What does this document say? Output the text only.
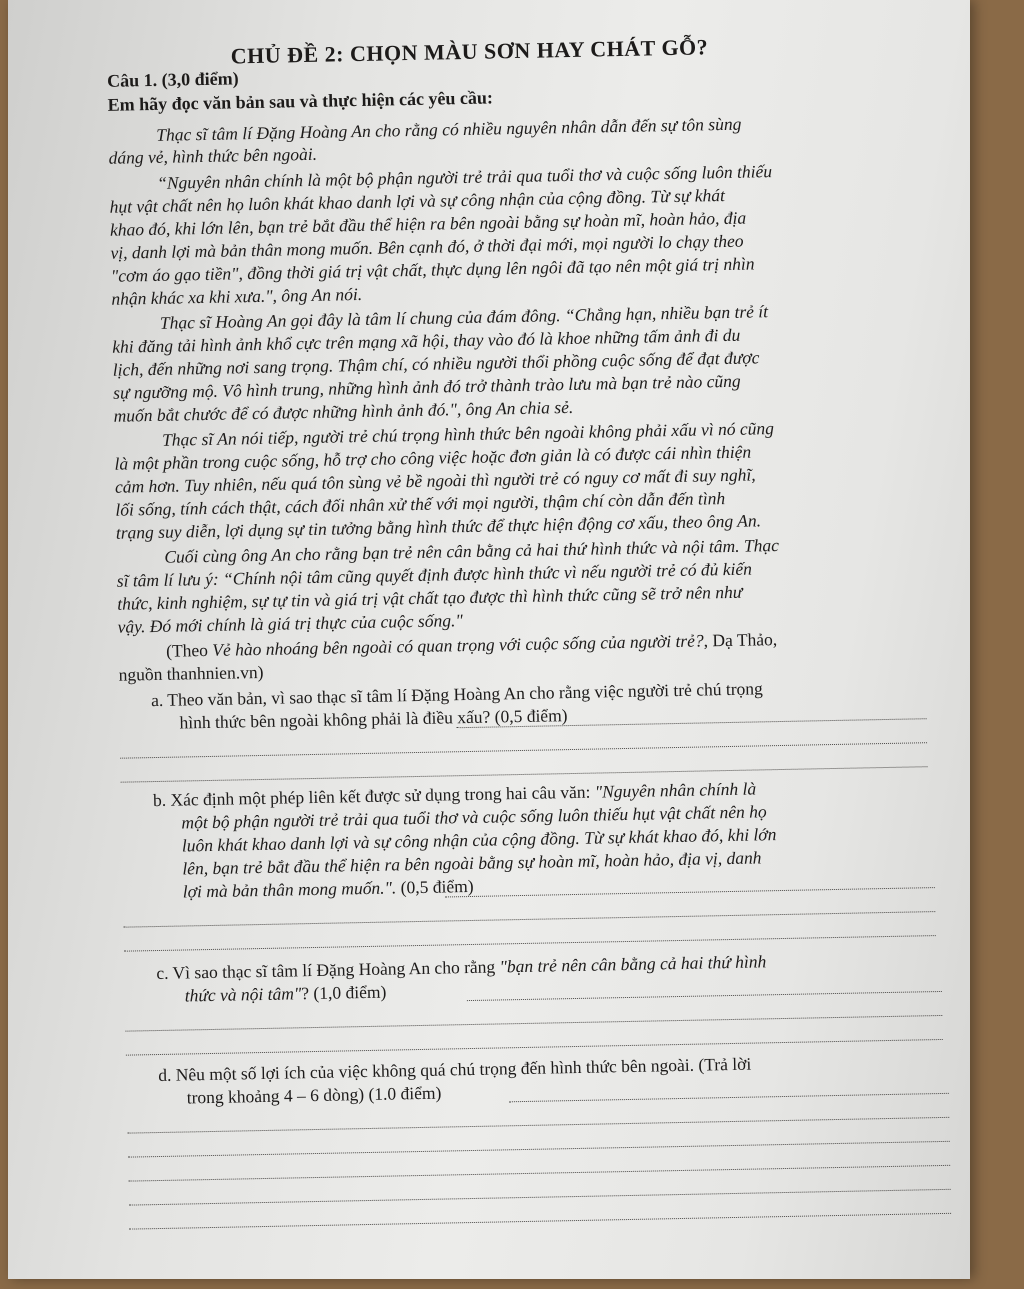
CHỦ ĐỀ 2: CHỌN MÀU SƠN HAY CHÁT GỖ?
Câu 1. (3,0 điểm)
Em hãy đọc văn bản sau và thực hiện các yêu cầu:
Thạc sĩ tâm lí Đặng Hoàng An cho rằng có nhiều nguyên nhân dẫn đến sự tôn sùng
dáng vẻ, hình thức bên ngoài.
“Nguyên nhân chính là một bộ phận người trẻ trải qua tuổi thơ và cuộc sống luôn thiếu
hụt vật chất nên họ luôn khát khao danh lợi và sự công nhận của cộng đồng. Từ sự khát
khao đó, khi lớn lên, bạn trẻ bắt đầu thể hiện ra bên ngoài bằng sự hoàn mĩ, hoàn hảo, địa
vị, danh lợi mà bản thân mong muốn. Bên cạnh đó, ở thời đại mới, mọi người lo chạy theo
"cơm áo gạo tiền", đồng thời giá trị vật chất, thực dụng lên ngôi đã tạo nên một giá trị nhìn
nhận khác xa khi xưa.", ông An nói.
Thạc sĩ Hoàng An gọi đây là tâm lí chung của đám đông. “Chẳng hạn, nhiều bạn trẻ ít
khi đăng tải hình ảnh khổ cực trên mạng xã hội, thay vào đó là khoe những tấm ảnh đi du
lịch, đến những nơi sang trọng. Thậm chí, có nhiều người thổi phồng cuộc sống để đạt được
sự ngưỡng mộ. Vô hình trung, những hình ảnh đó trở thành trào lưu mà bạn trẻ nào cũng
muốn bắt chước để có được những hình ảnh đó.", ông An chia sẻ.
Thạc sĩ An nói tiếp, người trẻ chú trọng hình thức bên ngoài không phải xấu vì nó cũng
là một phần trong cuộc sống, hỗ trợ cho công việc hoặc đơn giản là có được cái nhìn thiện
cảm hơn. Tuy nhiên, nếu quá tôn sùng vẻ bề ngoài thì người trẻ có nguy cơ mất đi suy nghĩ,
lối sống, tính cách thật, cách đối nhân xử thế với mọi người, thậm chí còn dẫn đến tình
trạng suy diễn, lợi dụng sự tin tưởng bằng hình thức để thực hiện động cơ xấu, theo ông An.
Cuối cùng ông An cho rằng bạn trẻ nên cân bằng cả hai thứ hình thức và nội tâm. Thạc
sĩ tâm lí lưu ý: “Chính nội tâm cũng quyết định được hình thức vì nếu người trẻ có đủ kiến
thức, kinh nghiệm, sự tự tin và giá trị vật chất tạo được thì hình thức cũng sẽ trở nên như
vậy. Đó mới chính là giá trị thực của cuộc sống."
(Theo Vẻ hào nhoáng bên ngoài có quan trọng với cuộc sống của người trẻ?, Dạ Thảo,
nguồn thanhnien.vn)
a. Theo văn bản, vì sao thạc sĩ tâm lí Đặng Hoàng An cho rằng việc người trẻ chú trọng
hình thức bên ngoài không phải là điều xấu? (0,5 điểm)
b. Xác định một phép liên kết được sử dụng trong hai câu văn: "Nguyên nhân chính là
một bộ phận người trẻ trải qua tuổi thơ và cuộc sống luôn thiếu hụt vật chất nên họ
luôn khát khao danh lợi và sự công nhận của cộng đồng. Từ sự khát khao đó, khi lớn
lên, bạn trẻ bắt đầu thể hiện ra bên ngoài bằng sự hoàn mĩ, hoàn hảo, địa vị, danh
lợi mà bản thân mong muốn.". (0,5 điểm)
c. Vì sao thạc sĩ tâm lí Đặng Hoàng An cho rằng "bạn trẻ nên cân bằng cả hai thứ hình
thức và nội tâm"? (1,0 điểm)
d. Nêu một số lợi ích của việc không quá chú trọng đến hình thức bên ngoài. (Trả lời
trong khoảng 4 – 6 dòng) (1.0 điểm)
